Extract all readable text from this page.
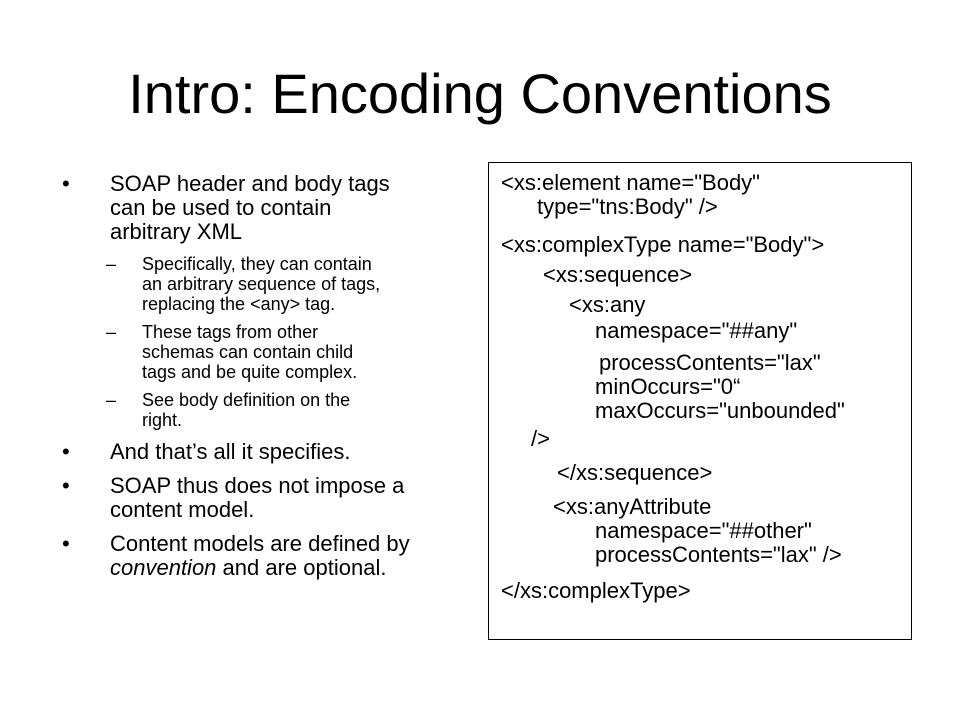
Intro: Encoding Conventions
•	SOAP header and body tags
can be used to contain
arbitrary XML
– Specifically, they can contain
an arbitrary sequence of tags,
replacing the <any> tag.
– These tags from other
schemas can contain child
tags and be quite complex.
– See body definition on the
right.
•	And that’s all it specifies.
•	SOAP thus does not impose a
content model.
•	Content models are defined by
convention and are optional.
<xs:element name="Body"
type="tns:Body" />
<xs:complexType name="Body">
<xs:sequence>
<xs:any
namespace="##any"
processContents="lax"
minOccurs="0“
maxOccurs="unbounded"
/>
</xs:sequence>
<xs:anyAttribute
namespace="##other"
processContents="lax" />
</xs:complexType>
